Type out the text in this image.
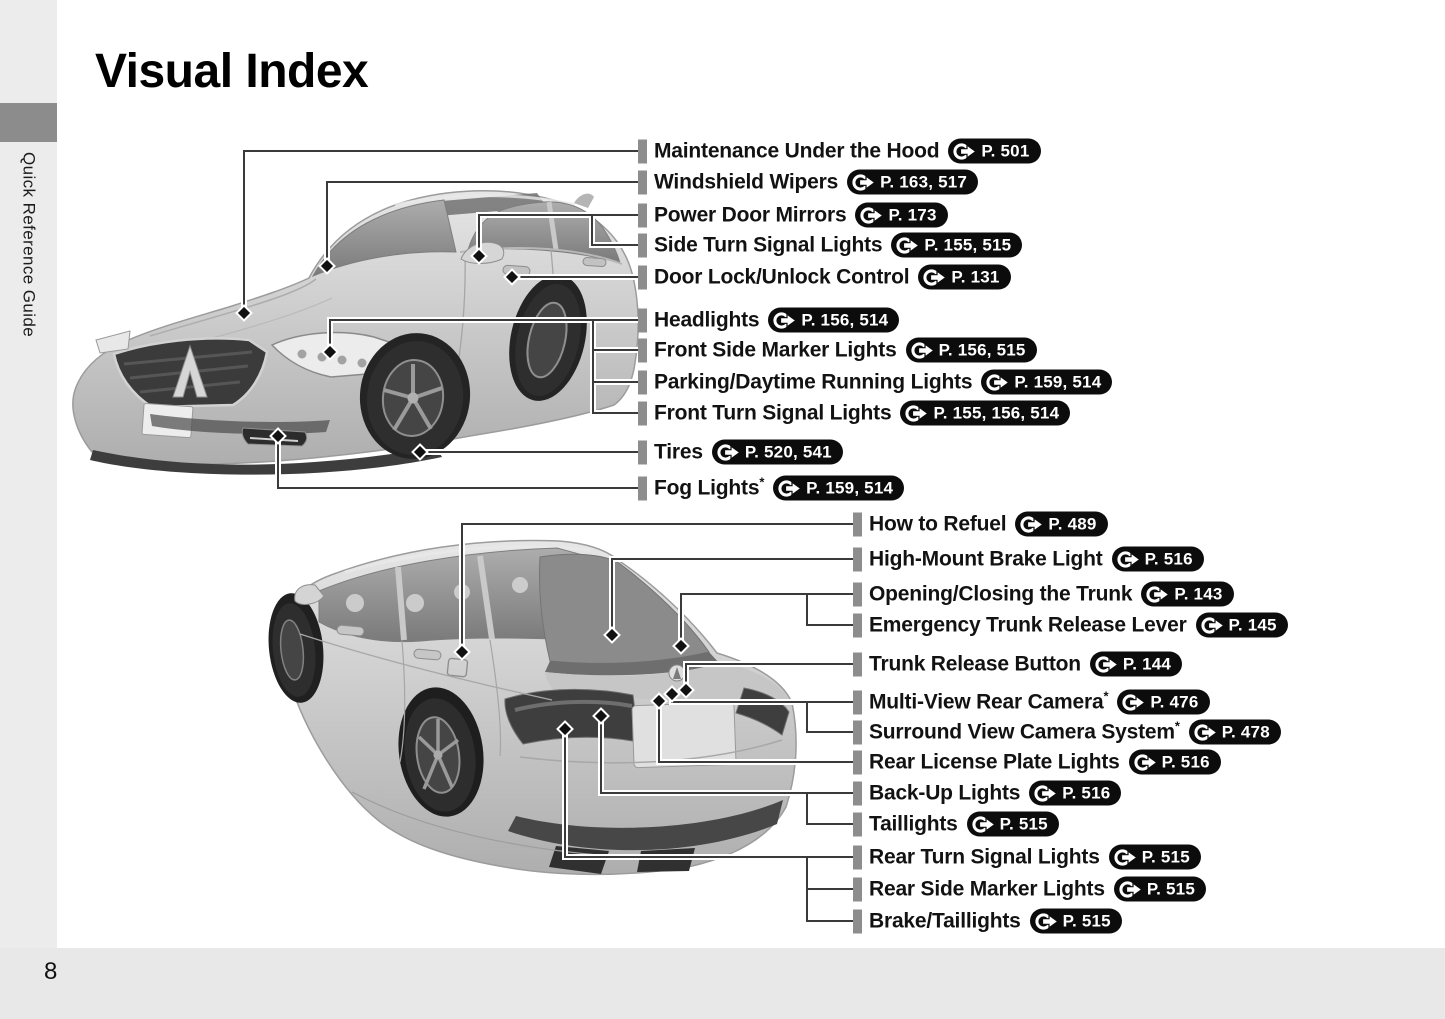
Quick Reference Guide
Visual Index
Maintenance Under the Hood P. 501
Windshield Wipers P. 163, 517
Power Door Mirrors P. 173
Side Turn Signal Lights P. 155, 515
Door Lock/Unlock Control P. 131
Headlights P. 156, 514
Front Side Marker Lights P. 156, 515
Parking/Daytime Running Lights P. 159, 514
Front Turn Signal Lights P. 155, 156, 514
Tires P. 520, 541
Fog Lights* P. 159, 514
How to Refuel P. 489
High-Mount Brake Light P. 516
Opening/Closing the Trunk P. 143
Emergency Trunk Release Lever P. 145
Trunk Release Button P. 144
Multi-View Rear Camera* P. 476
Surround View Camera System* P. 478
Rear License Plate Lights P. 516
Back-Up Lights P. 516
Taillights P. 515
Rear Turn Signal Lights P. 515
Rear Side Marker Lights P. 515
Brake/Taillights P. 515
8
